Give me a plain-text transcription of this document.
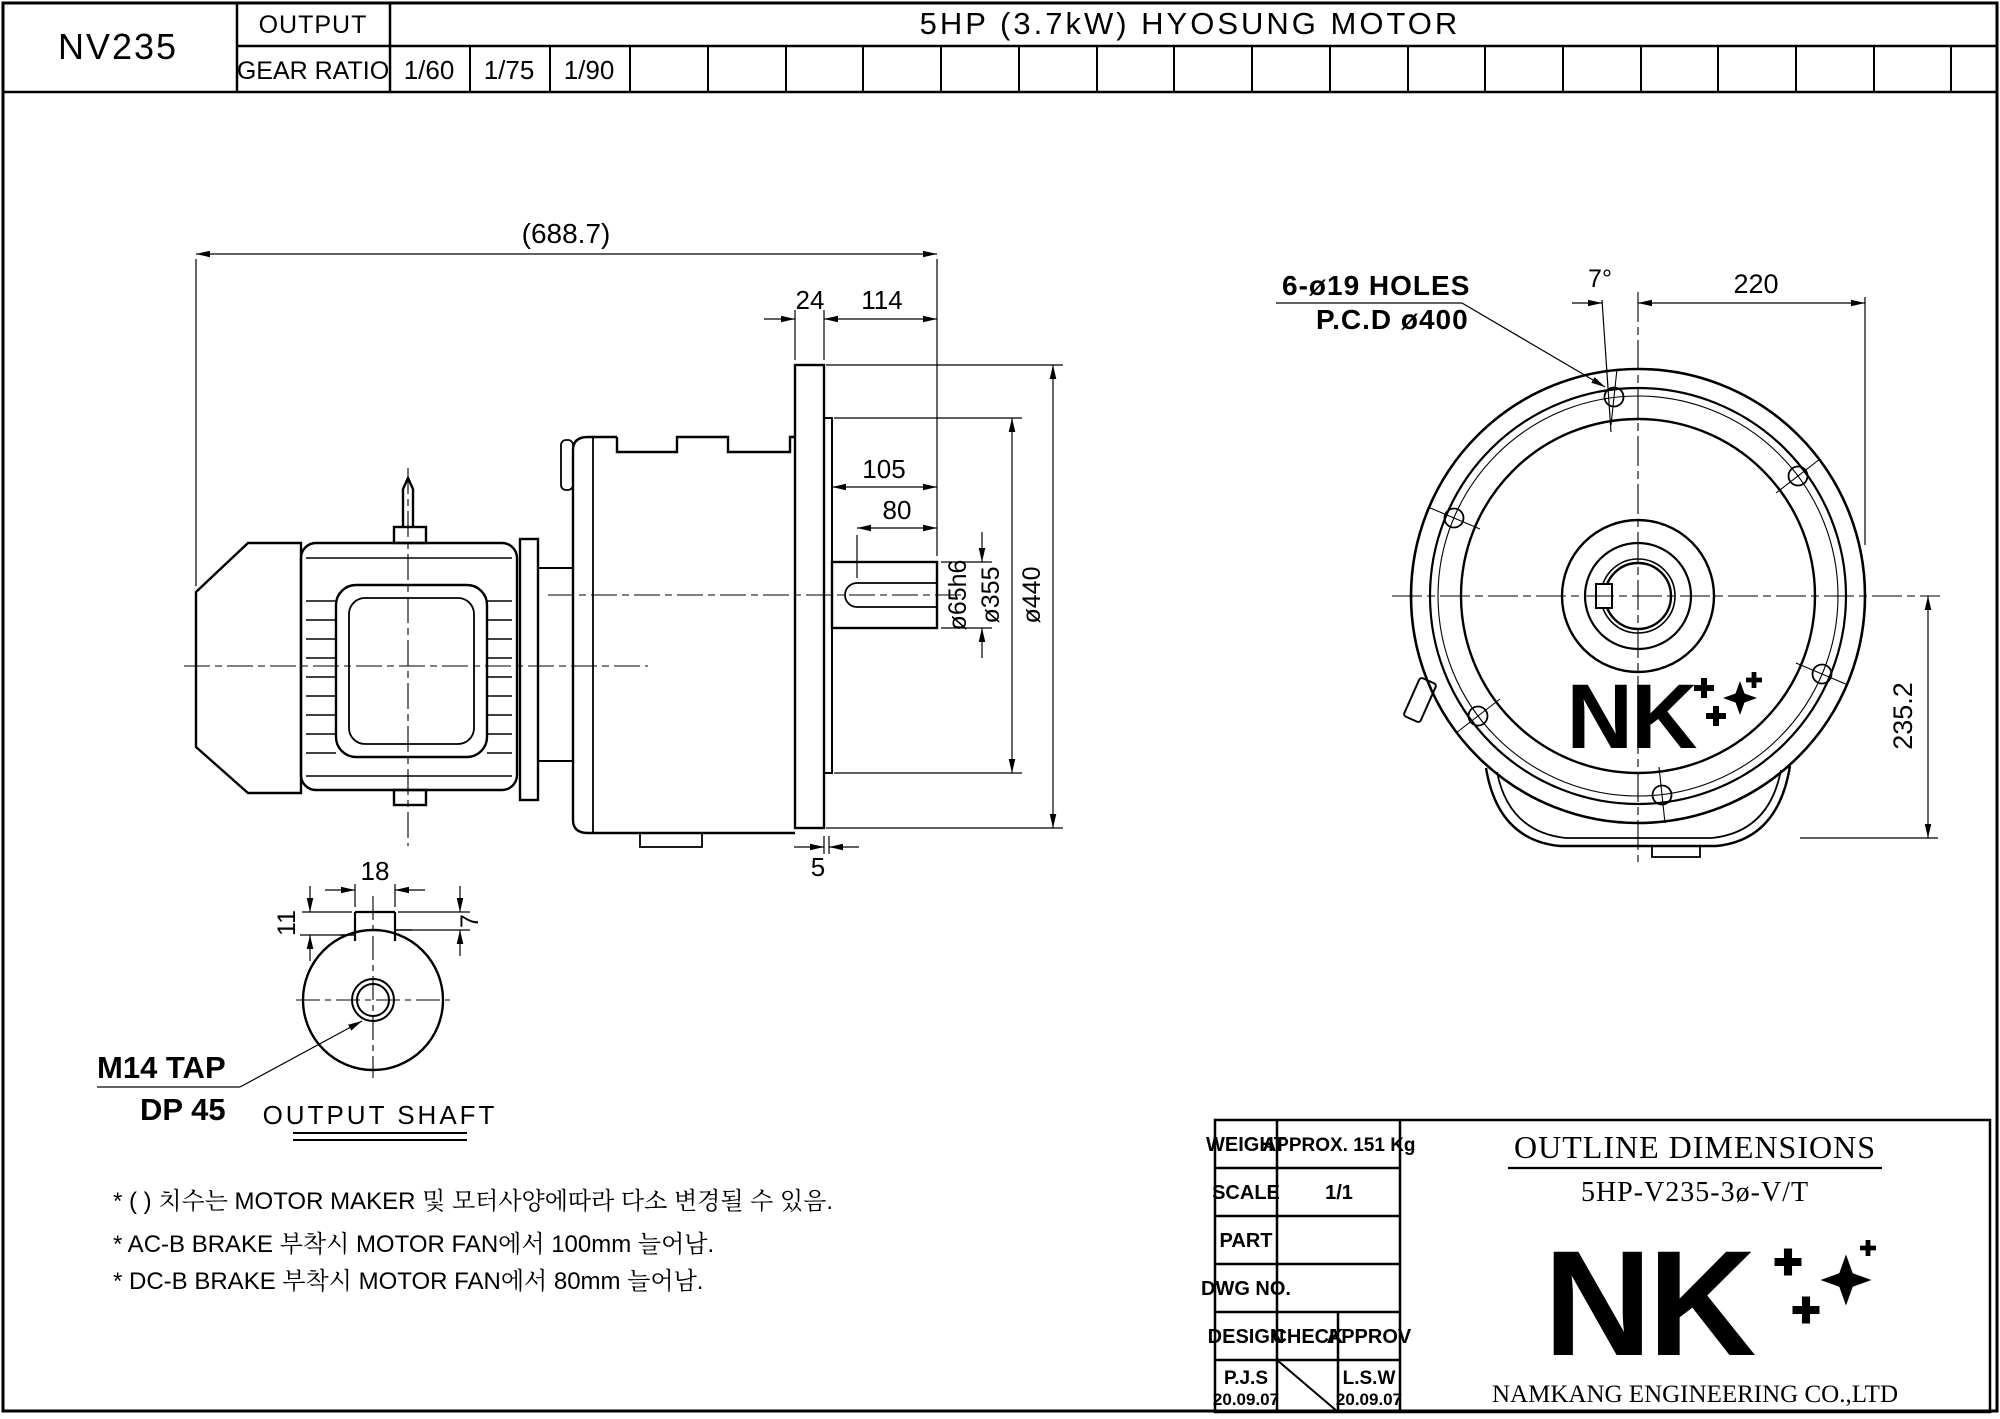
NV235
OUTPUT
GEAR RATIO
5HP (3.7kW) HYOSUNG MOTOR
1/60 1/75 1/90
(688.7)
24 114
105
80
ø65h6 ø355 ø440
5
6-ø19 HOLES
P.C.D ø400
7°	220
235.2
NK
18
11	7
M14 TAP
DP 45 OUTPUT SHAFT
* ( ) 치수는 MOTOR MAKER 및 모터사양에따라 다소 변경될 수 있음.
* AC-B BRAKE 부착시 MOTOR FAN에서 100mm 늘어남.
* DC-B BRAKE 부착시 MOTOR FAN에서 80mm 늘어남.
WEIGHT
APPROX. 151 Kg
SCALE 1/1
PART
DWG NO.
DESIGN
CHECK
APPROV
P.J.S
20.09.07
L.S.W
20.09.07
OUTLINE DIMENSIONS
5HP-V235-3ø-V/T
NK
NAMKANG ENGINEERING CO.,LTD
